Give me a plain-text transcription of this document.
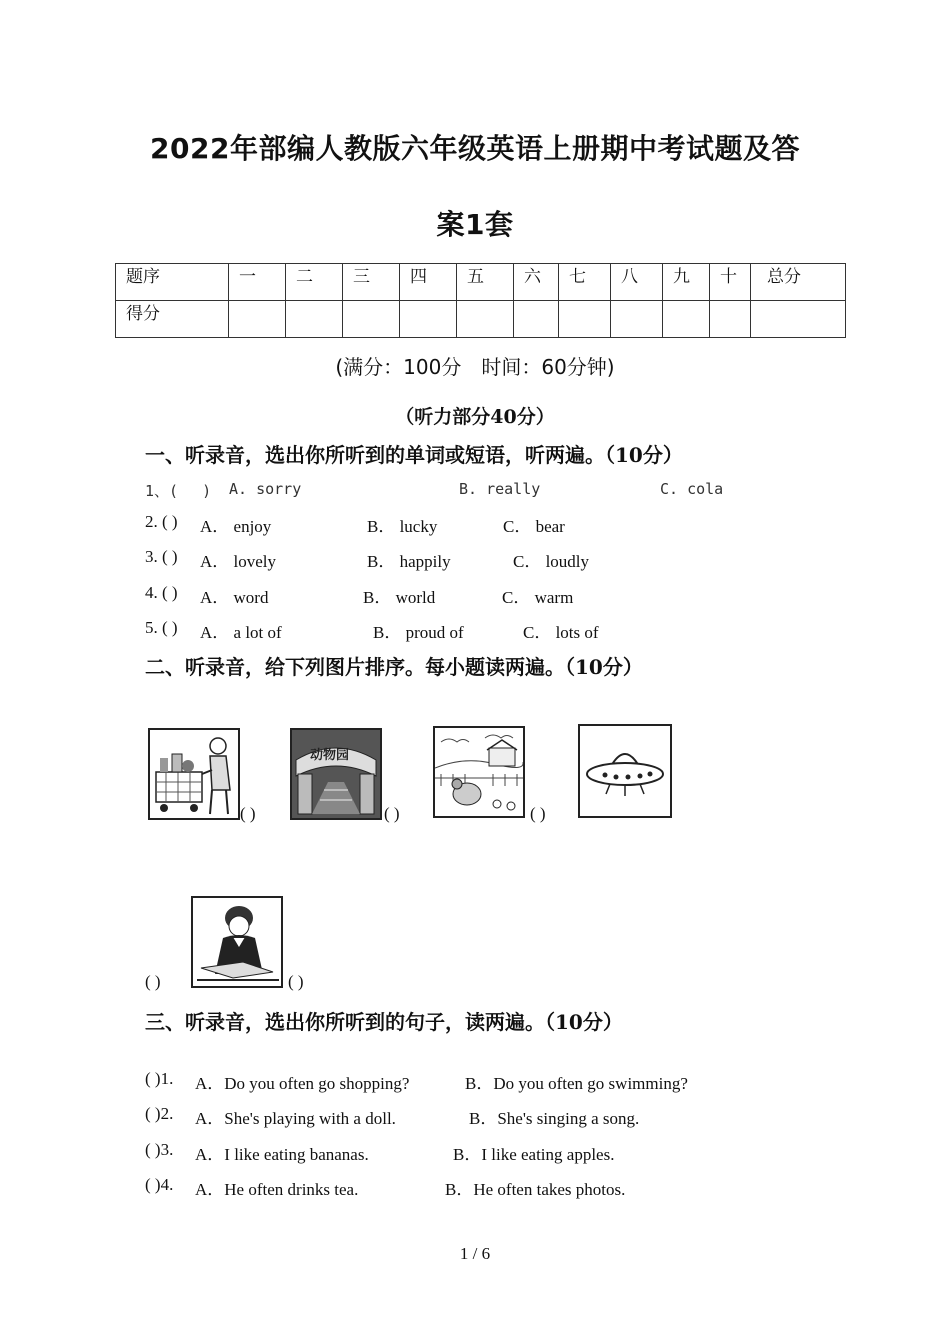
2022年部编人教版六年级英语上册期中考试题及答
案1套
题序	一	二	三	四	五	六	七	八	九	十	总分
得分											
(满分：100分　时间：60分钟)
（听力部分40分）
一、听录音，选出你所听到的单词或短语，听两遍。（10分）
1、(　 ) A. sorry	B. really	C. cola
2. ( ) A． enjoy	B． lucky	C． bear
3. ( ) A． lovely	B． happily	C． loudly
4. ( ) A． word	B． world	C． warm
5. ( ) A． a lot of	B． proud of	C． lots of
二、听录音，给下列图片排序。每小题读两遍。（10分）
( )
动物园
( )	( )
( )	( )
三、听录音，选出你所听到的句子，读两遍。（10分）
( )1. A．Do you often go shopping?	B．Do you often go swimming?
( )2. A．She's playing with a doll.	B．She's singing a song.
( )3. A．I like eating bananas.	B．I like eating apples.
( )4. A．He often drinks tea.	B．He often takes photos.
1 / 6
